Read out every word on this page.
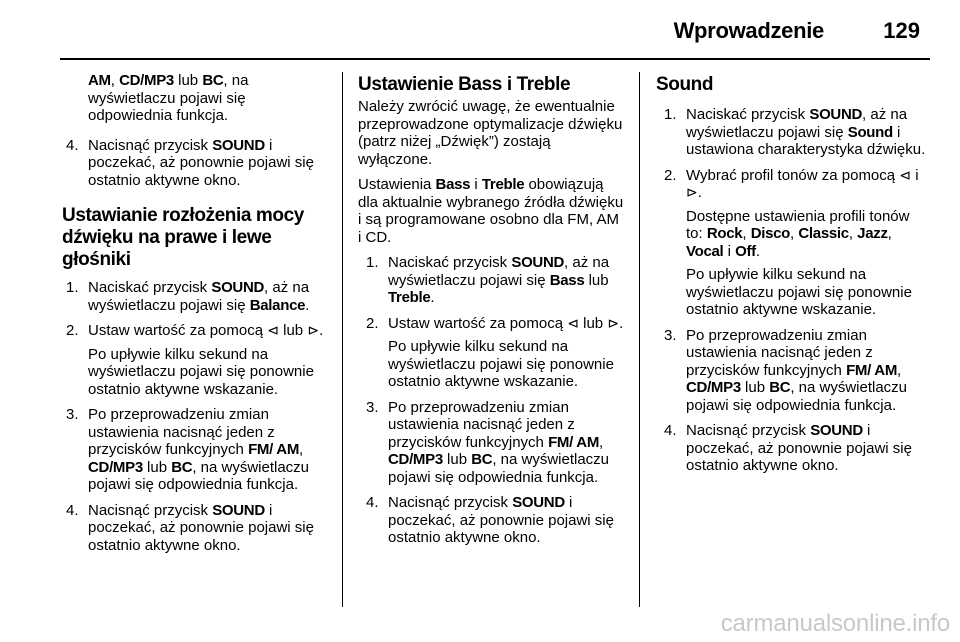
Wprowadzenie	129

AM, CD/MP3 lub BC, na wyświetlaczu pojawi się odpowiednia funkcja.

4. Nacisnąć przycisk SOUND i poczekać, aż ponownie pojawi się ostatnio aktywne okno.
Ustawianie rozłożenia mocy dźwięku na prawe i lewe głośniki
1. Naciskać przycisk SOUND, aż na wyświetlaczu pojawi się Balance.
2. Ustaw wartość za pomocą ⊲ lub ⊳.
Po upływie kilku sekund na wyświetlaczu pojawi się ponownie ostatnio aktywne wskazanie.
3. Po przeprowadzeniu zmian ustawienia nacisnąć jeden z przycisków funkcyjnych FM/ AM, CD/MP3 lub BC, na wyświetlaczu pojawi się odpowiednia funkcja.
4. Nacisnąć przycisk SOUND i poczekać, aż ponownie pojawi się ostatnio aktywne okno.
Ustawienie Bass i Treble

Należy zwrócić uwagę, że ewentualnie przeprowadzone optymalizacje dźwięku (patrz niżej „Dźwięk”) zostają wyłączone.

Ustawienia Bass i Treble obowiązują dla aktualnie wybranego źródła dźwięku i są programowane osobno dla FM, AM i CD.

1. Naciskać przycisk SOUND, aż na wyświetlaczu pojawi się Bass lub Treble.
2. Ustaw wartość za pomocą ⊲ lub ⊳.
Po upływie kilku sekund na wyświetlaczu pojawi się ponownie ostatnio aktywne wskazanie.
3. Po przeprowadzeniu zmian ustawienia nacisnąć jeden z przycisków funkcyjnych FM/ AM, CD/MP3 lub BC, na wyświetlaczu pojawi się odpowiednia funkcja.
4. Nacisnąć przycisk SOUND i poczekać, aż ponownie pojawi się ostatnio aktywne okno.
Sound
1. Naciskać przycisk SOUND, aż na wyświetlaczu pojawi się Sound i ustawiona charakterystyka dźwięku.
2. Wybrać profil tonów za pomocą ⊲ i ⊳.
Dostępne ustawienia profili tonów to: Rock, Disco, Classic, Jazz, Vocal i Off.
Po upływie kilku sekund na wyświetlaczu pojawi się ponownie ostatnio aktywne wskazanie.
3. Po przeprowadzeniu zmian ustawienia nacisnąć jeden z przycisków funkcyjnych FM/ AM, CD/MP3 lub BC, na wyświetlaczu pojawi się odpowiednia funkcja.
4. Nacisnąć przycisk SOUND i poczekać, aż ponownie pojawi się ostatnio aktywne okno.
carmanualsonline.info
